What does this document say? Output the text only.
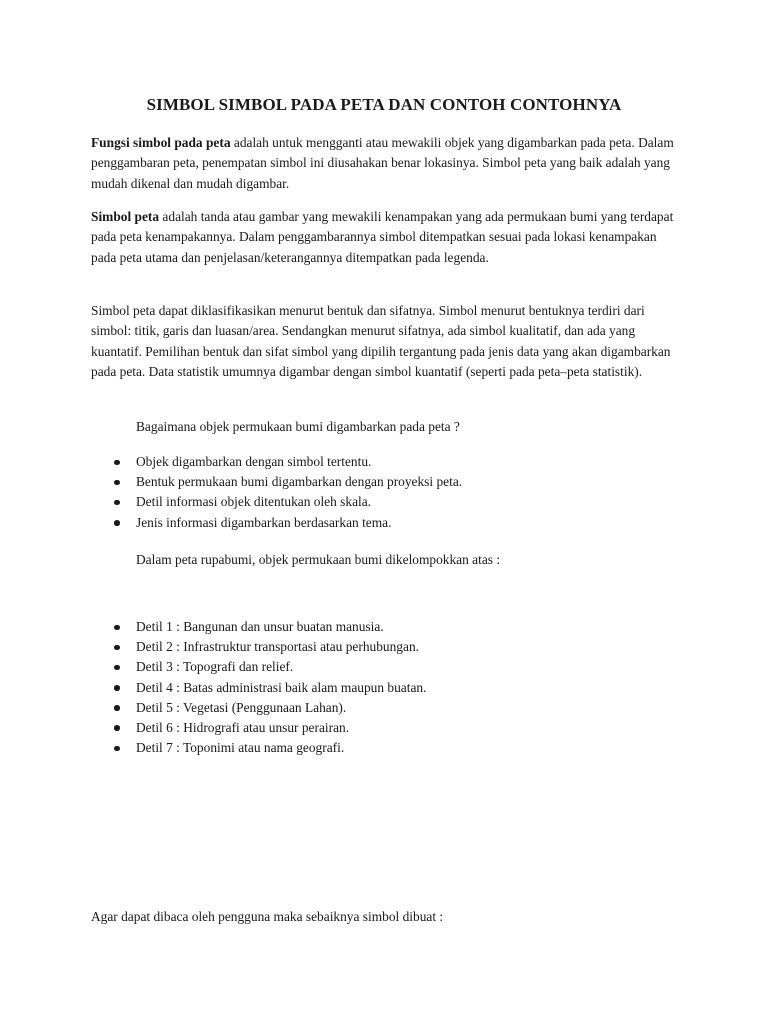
SIMBOL SIMBOL PADA PETA DAN CONTOH CONTOHNYA

Fungsi simbol pada peta adalah untuk mengganti atau mewakili objek yang digambarkan pada peta. Dalam penggambaran peta, penempatan simbol ini diusahakan benar lokasinya. Simbol peta yang baik adalah yang mudah dikenal dan mudah digambar.

Simbol peta adalah tanda atau gambar yang mewakili kenampakan yang ada permukaan bumi yang terdapat pada peta kenampakannya. Dalam penggambarannya simbol ditempatkan sesuai pada lokasi kenampakan pada peta utama dan penjelasan/keterangannya ditempatkan pada legenda.

Simbol peta dapat diklasifikasikan menurut bentuk dan sifatnya. Simbol menurut bentuknya terdiri dari simbol: titik, garis dan luasan/area. Sendangkan menurut sifatnya, ada simbol kualitatif, dan ada yang kuantatif. Pemilihan bentuk dan sifat simbol yang dipilih tergantung pada jenis data yang akan digambarkan pada peta. Data statistik umumnya digambar dengan simbol kuantatif (seperti pada peta–peta statistik).

Bagaimana objek permukaan bumi digambarkan pada peta ?

Objek digambarkan dengan simbol tertentu.
Bentuk permukaan bumi digambarkan dengan proyeksi peta.
Detil informasi objek ditentukan oleh skala.
Jenis informasi digambarkan berdasarkan tema.

Dalam peta rupabumi, objek permukaan bumi dikelompokkan atas :

Detil 1 : Bangunan dan unsur buatan manusia.
Detil 2 : Infrastruktur transportasi atau perhubungan.
Detil 3 : Topografi dan relief.
Detil 4 : Batas administrasi baik alam maupun buatan.
Detil 5 : Vegetasi (Penggunaan Lahan).
Detil 6 : Hidrografi atau unsur perairan.
Detil 7 : Toponimi atau nama geografi.

Agar dapat dibaca oleh pengguna maka sebaiknya simbol dibuat :
